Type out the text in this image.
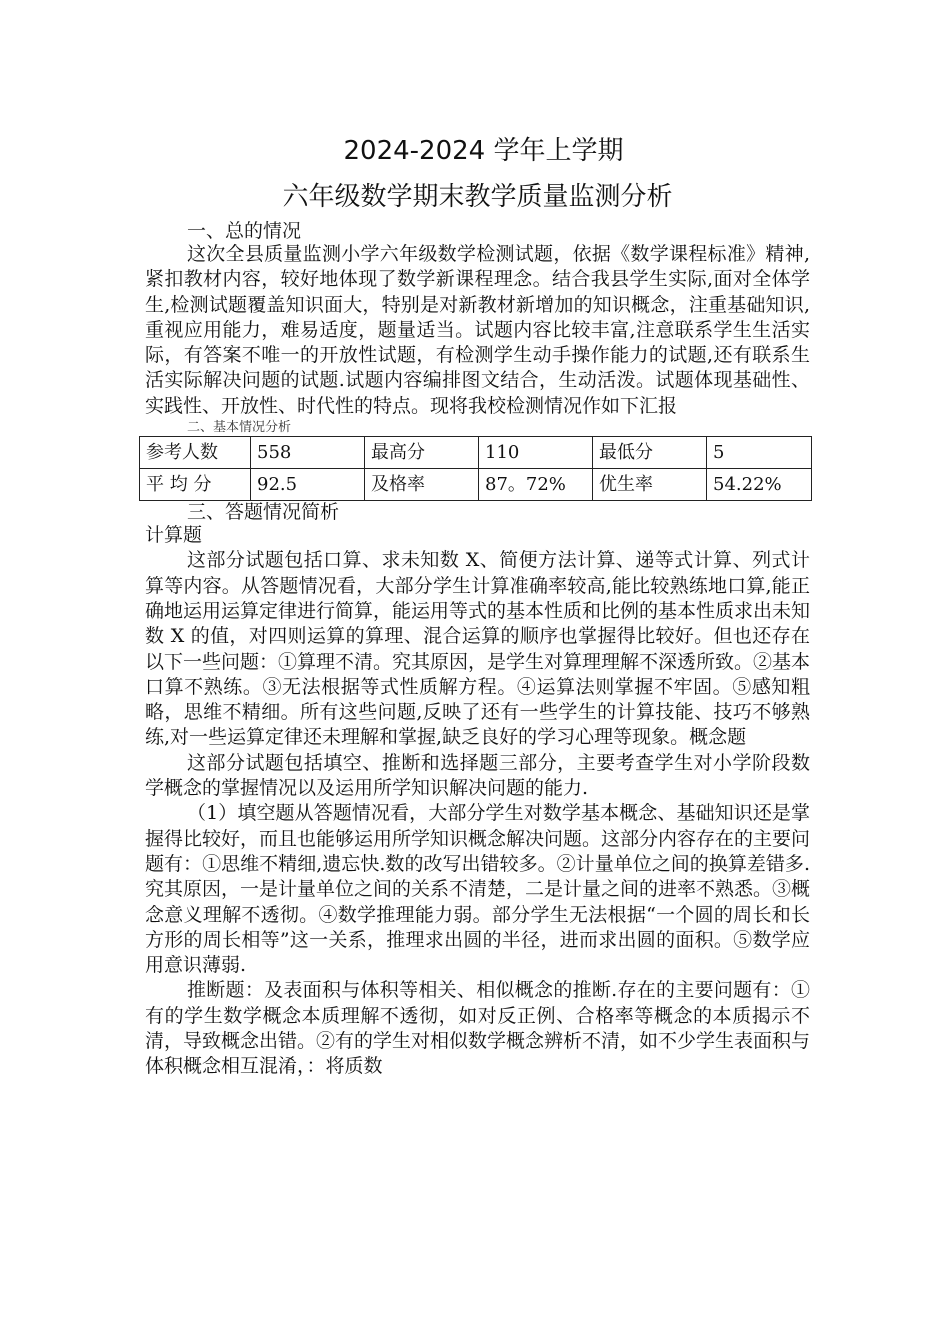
2024-2024 学年上学期
六年级数学期末教学质量监测分析
一、总的情况

这次全县质量监测小学六年级数学检测试题，依据《数学课程标准》精神,紧扣教材内容，较好地体现了数学新课程理念。结合我县学生实际,面对全体学生,检测试题覆盖知识面大，特别是对新教材新增加的知识概念，注重基础知识,重视应用能力，难易适度，题量适当。试题内容比较丰富,注意联系学生生活实际，有答案不唯一的开放性试题，有检测学生动手操作能力的试题,还有联系生活实际解决问题的试题.试题内容编排图文结合，生动活泼。试题体现基础性、实践性、开放性、时代性的特点。现将我校检测情况作如下汇报

二、基本情况分析
参考人数	558	最高分	110	最低分	5
平 均 分	92.5	及格率	87。72%	优生率	54.22%
三、答题情况简析

计算题

这部分试题包括口算、求未知数 X、简便方法计算、递等式计算、列式计算等内容。从答题情况看，大部分学生计算准确率较高,能比较熟练地口算,能正确地运用运算定律进行简算，能运用等式的基本性质和比例的基本性质求出未知数 X 的值，对四则运算的算理、混合运算的顺序也掌握得比较好。但也还存在以下一些问题：①算理不清。究其原因，是学生对算理理解不深透所致。②基本口算不熟练。③无法根据等式性质解方程。④运算法则掌握不牢固。⑤感知粗略，思维不精细。所有这些问题,反映了还有一些学生的计算技能、技巧不够熟练,对一些运算定律还未理解和掌握,缺乏良好的学习心理等现象。概念题

这部分试题包括填空、推断和选择题三部分，主要考查学生对小学阶段数学概念的掌握情况以及运用所学知识解决问题的能力.

（1）填空题从答题情况看，大部分学生对数学基本概念、基础知识还是掌握得比较好，而且也能够运用所学知识概念解决问题。这部分内容存在的主要问题有：①思维不精细,遗忘快.数的改写出错较多。②计量单位之间的换算差错多.究其原因，一是计量单位之间的关系不清楚，二是计量之间的进率不熟悉。③概念意义理解不透彻。④数学推理能力弱。部分学生无法根据“一个圆的周长和长方形的周长相等”这一关系，推理求出圆的半径，进而求出圆的面积。⑤数学应用意识薄弱.

推断题：及表面积与体积等相关、相似概念的推断.存在的主要问题有：①有的学生数学概念本质理解不透彻，如对反正例、合格率等概念的本质揭示不清，导致概念出错。②有的学生对相似数学概念辨析不清，如不少学生表面积与体积概念相互混淆，：将质数
